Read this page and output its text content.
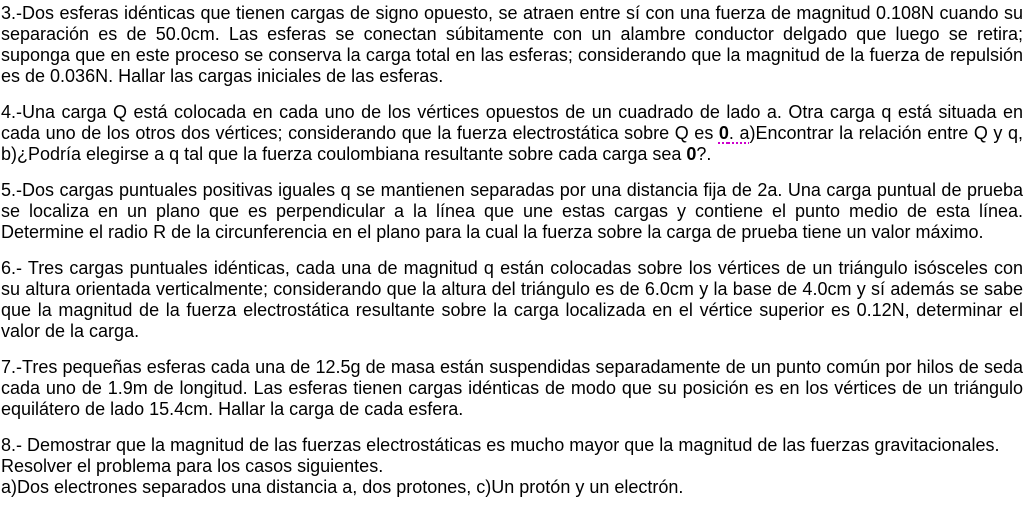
3.-Dos esferas idénticas que tienen cargas de signo opuesto, se atraen entre sí con una fuerza de magnitud 0.108N cuando su separación es de 50.0cm. Las esferas se conectan súbitamente con un alambre conductor delgado que luego se retira; suponga que en este proceso se conserva la carga total en las esferas; considerando que la magnitud de la fuerza de repulsión es de 0.036N. Hallar las cargas iniciales de las esferas.

4.-Una carga Q está colocada en cada uno de los vértices opuestos de un cuadrado de lado a. Otra carga q está situada en cada uno de los otros dos vértices; considerando que la fuerza electrostática sobre Q es 0. a)Encontrar la relación entre Q y q, b)¿Podría elegirse a q tal que la fuerza coulombiana resultante sobre cada carga sea 0?.

5.-Dos cargas puntuales positivas iguales q se mantienen separadas por una distancia fija de 2a. Una carga puntual de prueba se localiza en un plano que es perpendicular a la línea que une estas cargas y contiene el punto medio de esta línea. Determine el radio R de la circunferencia en el plano para la cual la fuerza sobre la carga de prueba tiene un valor máximo.

6.- Tres cargas puntuales idénticas, cada una de magnitud q están colocadas sobre los vértices de un triángulo isósceles con su altura orientada verticalmente; considerando que la altura del triángulo es de 6.0cm y la base de 4.0cm y sí además se sabe que la magnitud de la fuerza electrostática resultante sobre la carga localizada en el vértice superior es 0.12N, determinar el valor de la carga.

7.-Tres pequeñas esferas cada una de 12.5g de masa están suspendidas separadamente de un punto común por hilos de seda cada uno de 1.9m de longitud. Las esferas tienen cargas idénticas de modo que su posición es en los vértices de un triángulo equilátero de lado 15.4cm. Hallar la carga de cada esfera.

8.- Demostrar que la magnitud de las fuerzas electrostáticas es mucho mayor que la magnitud de las fuerzas gravitacionales.
Resolver el problema para los casos siguientes.
a)Dos electrones separados una distancia a, dos protones, c)Un protón y un electrón.
